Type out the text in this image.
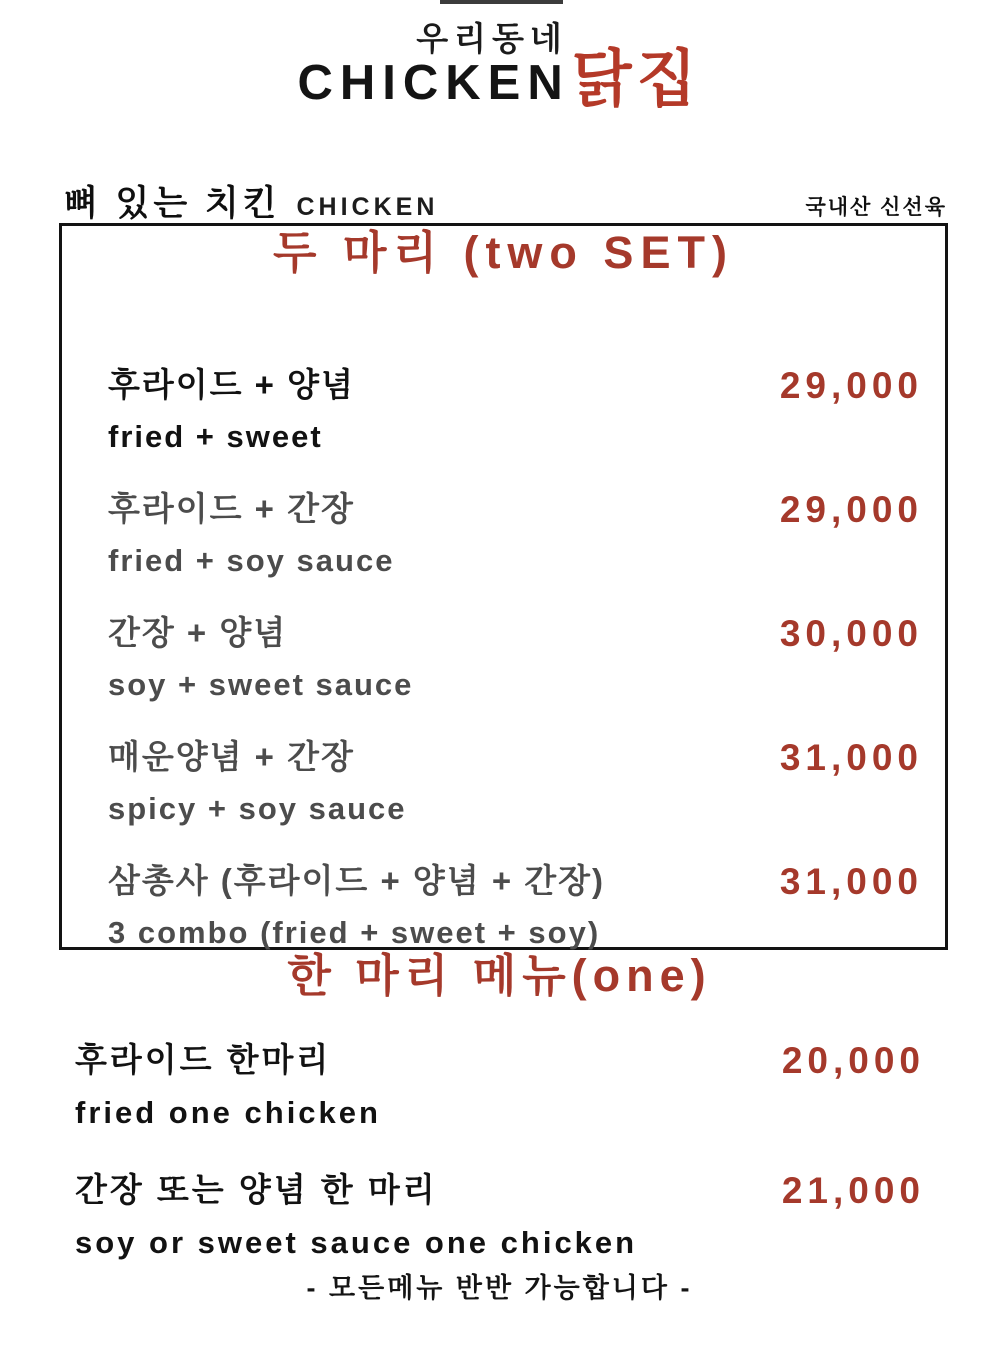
우리동네
CHICKEN 닭집
뼈 있는 치킨 CHICKEN	국내산 신선육
두 마리 (two SET)
후라이드 + 양념
fried + sweet
29,000
후라이드 + 간장
fried + soy sauce
29,000
간장 + 양념
soy + sweet sauce
30,000
매운양념 + 간장
spicy + soy sauce
31,000
삼총사 (후라이드 + 양념 + 간장)
3 combo (fried + sweet + soy)
31,000
한 마리 메뉴(one)
후라이드 한마리
fried one chicken
20,000
간장 또는 양념 한 마리
soy or sweet sauce one chicken
21,000
- 모든메뉴 반반 가능합니다 -
